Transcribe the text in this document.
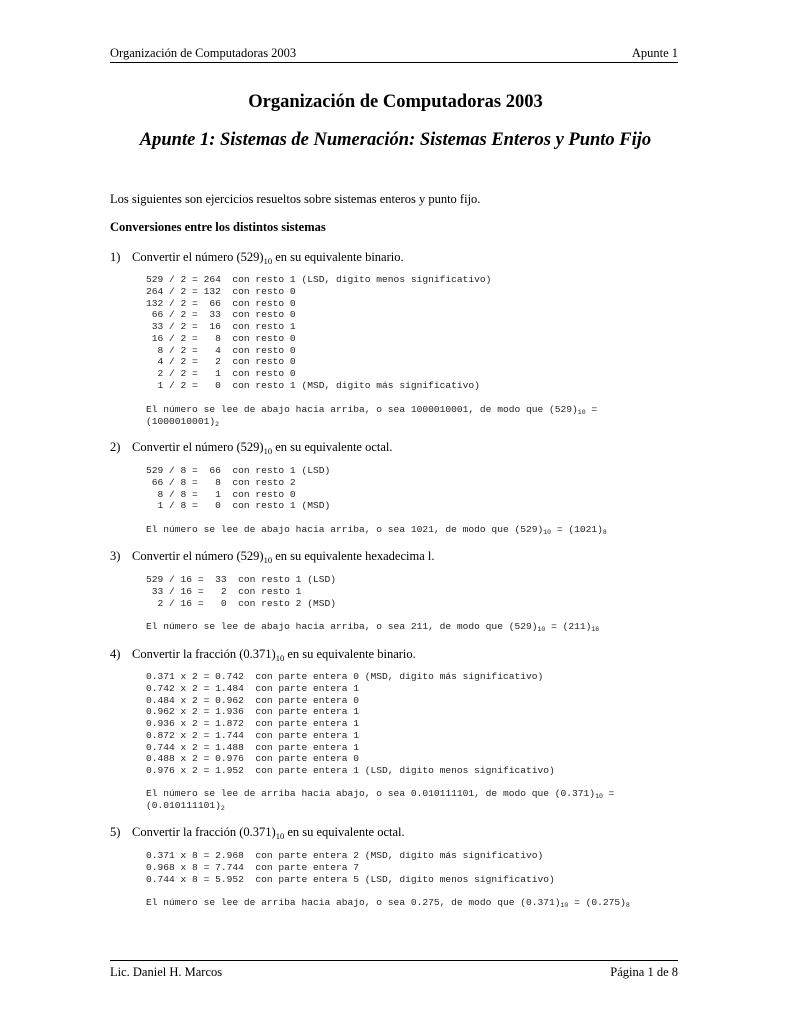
Organización de Computadoras 2003	Apunte 1
Organización de Computadoras 2003
Apunte 1: Sistemas de Numeración: Sistemas Enteros y Punto Fijo
Los siguientes son ejercicios resueltos sobre sistemas enteros y punto fijo.
Conversiones entre los distintos sistemas
1) Convertir el número $(529)_{10}$ en su equivalente binario.
529 / 2 = 264  con resto 1 (LSD, digito menos significativo)
264 / 2 = 132  con resto 0
132 / 2 =  66  con resto 0
66 / 2 =  33  con resto 0
33 / 2 =  16  con resto 1
16 / 2 =   8  con resto 0
8 / 2 =   4  con resto 0
4 / 2 =   2  con resto 0
2 / 2 =   1  con resto 0
1 / 2 =   0  con resto 1 (MSD, digito más significativo)
El número se lee de abajo hacia arriba, o sea 1000010001, de modo que $(529)_{10}$ =
$(1000010001)_2$
2) Convertir el número $(529)_{10}$ en su equivalente octal.
529 / 8 =  66  con resto 1 (LSD)
66 / 8 =   8  con resto 2
8 / 8 =   1  con resto 0
1 / 8 =   0  con resto 1 (MSD)
El número se lee de abajo hacia arriba, o sea 1021, de modo que $(529)_{10} = (1021)_8$
3) Convertir el número $(529)_{10}$ en su equivalente hexadecima l.
529 / 16 =  33  con resto 1 (LSD)
33 / 16 =   2  con resto 1
2 / 16 =   0  con resto 2 (MSD)
El número se lee de abajo hacia arriba, o sea 211, de modo que $(529)_{10} = (211)_{16}$
4) Convertir la fracción $(0.371)_{10}$ en su equivalente binario.
0.371 x 2 = 0.742  con parte entera 0 (MSD, digito más significativo)
0.742 x 2 = 1.484  con parte entera 1
0.484 x 2 = 0.962  con parte entera 0
0.962 x 2 = 1.936  con parte entera 1
0.936 x 2 = 1.872  con parte entera 1
0.872 x 2 = 1.744  con parte entera 1
0.744 x 2 = 1.488  con parte entera 1
0.488 x 2 = 0.976  con parte entera 0
0.976 x 2 = 1.952  con parte entera 1 (LSD, digito menos significativo)
El número se lee de arriba hacia abajo, o sea 0.010111101, de modo que $(0.371)_{10}$ =
$(0.010111101)_2$
5) Convertir la fracción $(0.371)_{10}$ en su equivalente octal.
0.371 x 8 = 2.968  con parte entera 2 (MSD, digito más significativo)
0.968 x 8 = 7.744  con parte entera 7
0.744 x 8 = 5.952  con parte entera 5 (LSD, digito menos significativo)
El número se lee de arriba hacia abajo, o sea 0.275, de modo que $(0.371)_{10} = (0.275)_8$
Lic. Daniel H. Marcos	Página 1 de 8
